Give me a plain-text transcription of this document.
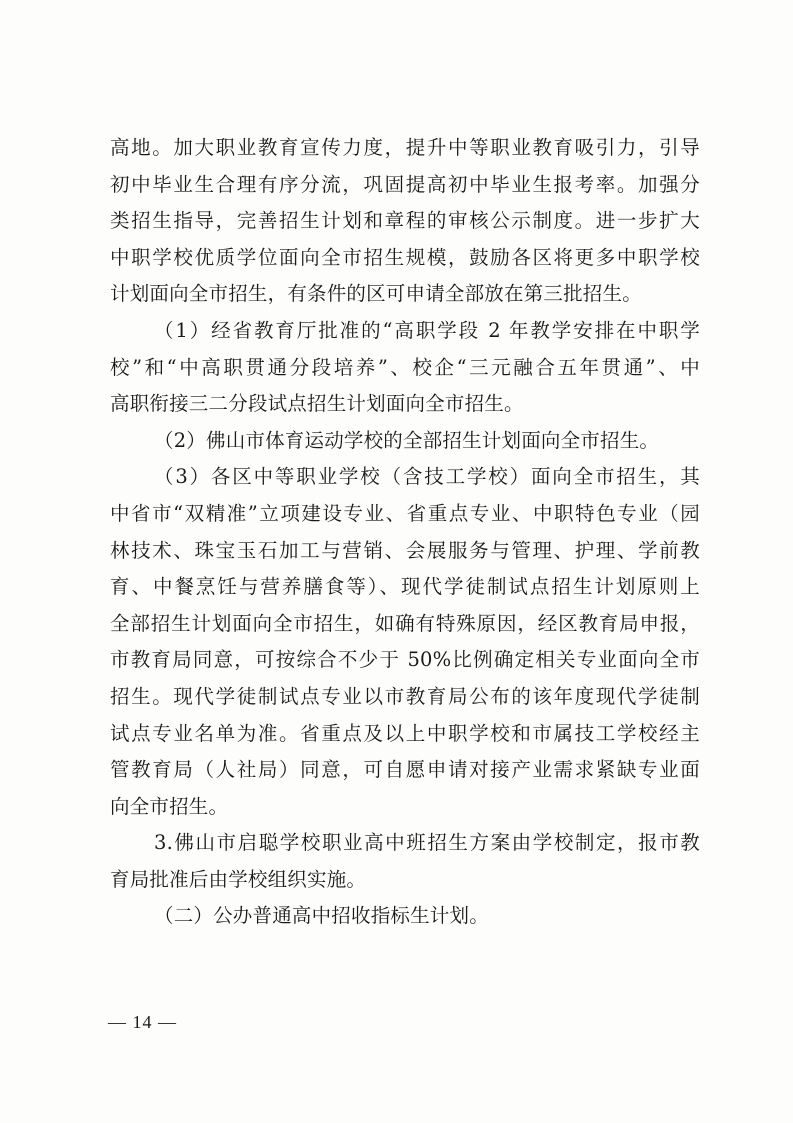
高地。加大职业教育宣传力度，提升中等职业教育吸引力，引导
初中毕业生合理有序分流，巩固提高初中毕业生报考率。加强分
类招生指导，完善招生计划和章程的审核公示制度。进一步扩大
中职学校优质学位面向全市招生规模，鼓励各区将更多中职学校
计划面向全市招生，有条件的区可申请全部放在第三批招生。
（1）经省教育厅批准的“高职学段 2 年教学安排在中职学
校”和“中高职贯通分段培养”、校企“三元融合五年贯通”、中
高职衔接三二分段试点招生计划面向全市招生。
（2）佛山市体育运动学校的全部招生计划面向全市招生。
（3）各区中等职业学校（含技工学校）面向全市招生，其
中省市“双精准”立项建设专业、省重点专业、中职特色专业（园
林技术、珠宝玉石加工与营销、会展服务与管理、护理、学前教
育、中餐烹饪与营养膳食等）、现代学徒制试点招生计划原则上
全部招生计划面向全市招生，如确有特殊原因，经区教育局申报，
市教育局同意，可按综合不少于 50%比例确定相关专业面向全市
招生。现代学徒制试点专业以市教育局公布的该年度现代学徒制
试点专业名单为准。省重点及以上中职学校和市属技工学校经主
管教育局（人社局）同意，可自愿申请对接产业需求紧缺专业面
向全市招生。
3.佛山市启聪学校职业高中班招生方案由学校制定，报市教
育局批准后由学校组织实施。
（二）公办普通高中招收指标生计划。
— 14 —
